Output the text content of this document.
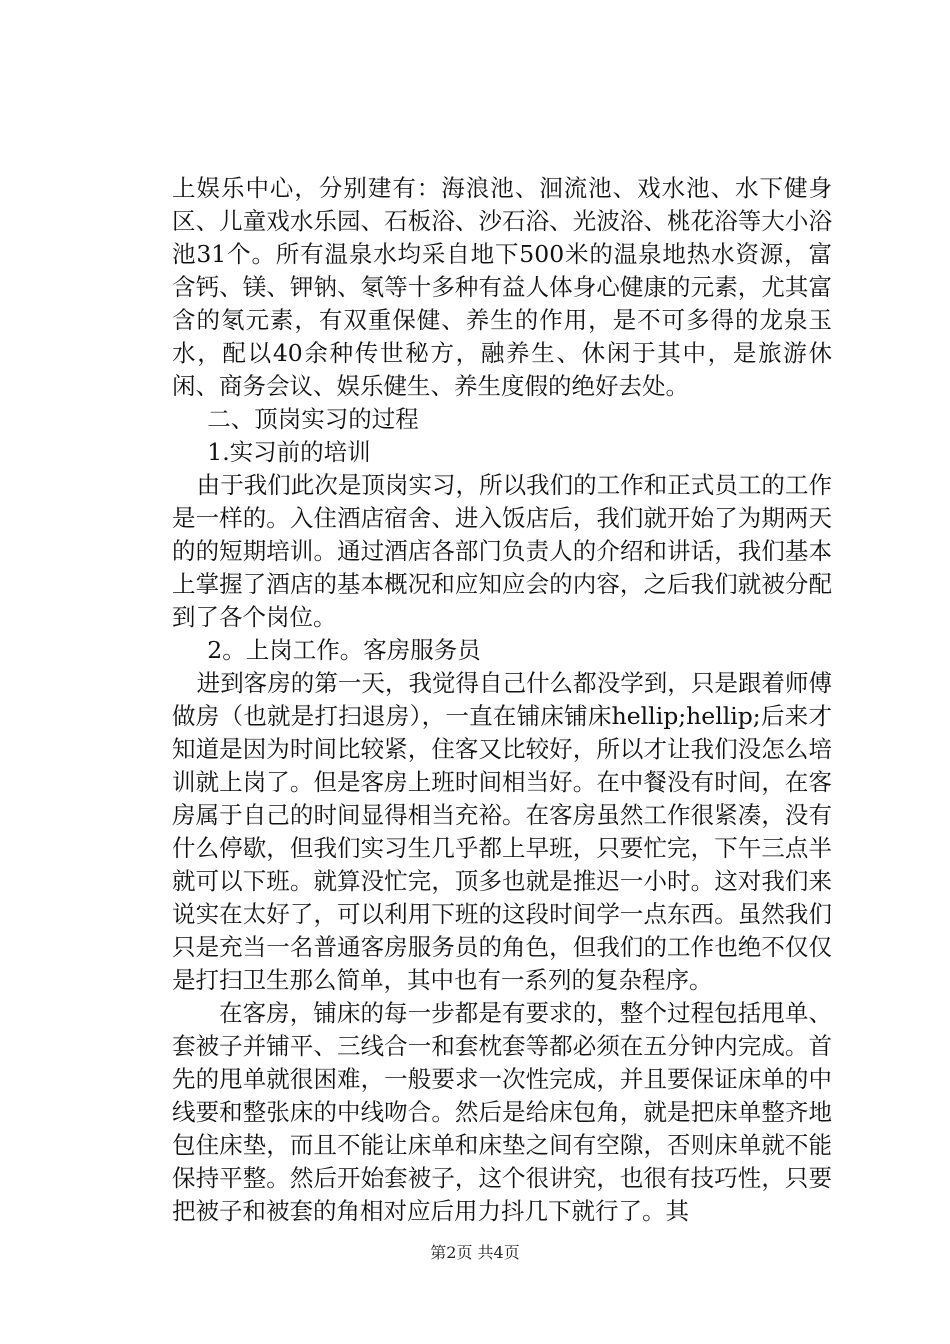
上娱乐中心，分别建有：海浪池、洄流池、戏水池、水下健身区、儿童戏水乐园、石板浴、沙石浴、光波浴、桃花浴等大小浴池31个。所有温泉水均采自地下500米的温泉地热水资源，富含钙、镁、钾钠、氡等十多种有益人体身心健康的元素，尤其富含的氡元素，有双重保健、养生的作用，是不可多得的龙泉玉水，配以40余种传世秘方，融养生、休闲于其中，是旅游休闲、商务会议、娱乐健生、养生度假的绝好去处。

二、顶岗实习的过程

1.实习前的培训

由于我们此次是顶岗实习，所以我们的工作和正式员工的工作是一样的。入住酒店宿舍、进入饭店后，我们就开始了为期两天的的短期培训。通过酒店各部门负责人的介绍和讲话，我们基本上掌握了酒店的基本概况和应知应会的内容，之后我们就被分配到了各个岗位。

2。上岗工作。客房服务员

进到客房的第一天，我觉得自己什么都没学到，只是跟着师傅做房（也就是打扫退房），一直在铺床铺床hellip;hellip;后来才知道是因为时间比较紧，住客又比较好，所以才让我们没怎么培训就上岗了。但是客房上班时间相当好。在中餐没有时间，在客房属于自己的时间显得相当充裕。在客房虽然工作很紧凑，没有什么停歇，但我们实习生几乎都上早班，只要忙完，下午三点半就可以下班。就算没忙完，顶多也就是推迟一小时。这对我们来说实在太好了，可以利用下班的这段时间学一点东西。虽然我们只是充当一名普通客房服务员的角色，但我们的工作也绝不仅仅是打扫卫生那么简单，其中也有一系列的复杂程序。

在客房，铺床的每一步都是有要求的，整个过程包括甩单、套被子并铺平、三线合一和套枕套等都必须在五分钟内完成。首先的甩单就很困难，一般要求一次性完成，并且要保证床单的中线要和整张床的中线吻合。然后是给床包角，就是把床单整齐地包住床垫，而且不能让床单和床垫之间有空隙，否则床单就不能保持平整。然后开始套被子，这个很讲究，也很有技巧性，只要把被子和被套的角相对应后用力抖几下就行了。其

第2页 共4页
